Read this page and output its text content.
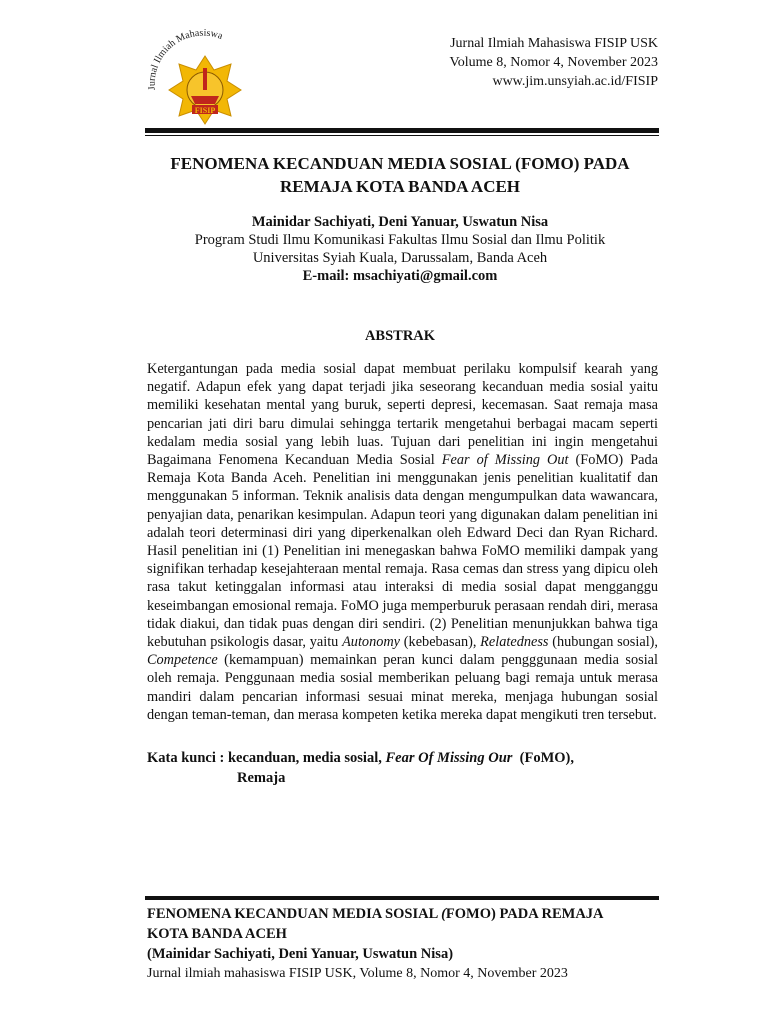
Jurnal Ilmiah Mahasiswa
FISIP
Jurnal Ilmiah Mahasiswa FISIP USK
Volume 8, Nomor 4, November 2023
www.jim.unsyiah.ac.id/FISIP
FENOMENA KECANDUAN MEDIA SOSIAL (FOMO) PADA
REMAJA KOTA BANDA ACEH
Mainidar Sachiyati, Deni Yanuar, Uswatun Nisa
Program Studi Ilmu Komunikasi Fakultas Ilmu Sosial dan Ilmu Politik
Universitas Syiah Kuala, Darussalam, Banda Aceh
E-mail: msachiyati@gmail.com
ABSTRAK
Ketergantungan pada media sosial dapat membuat perilaku kompulsif kearah yang negatif. Adapun efek yang dapat terjadi jika seseorang kecanduan media sosial yaitu memiliki kesehatan mental yang buruk, seperti depresi, kecemasan. Saat remaja masa pencarian jati diri baru dimulai sehingga tertarik mengetahui berbagai macam seperti kedalam media sosial yang lebih luas. Tujuan dari penelitian ini ingin mengetahui Bagaimana Fenomena Kecanduan Media Sosial Fear of Missing Out (FoMO) Pada Remaja Kota Banda Aceh. Penelitian ini menggunakan jenis penelitian kualitatif dan menggunakan 5 informan. Teknik analisis data dengan mengumpulkan data wawancara, penyajian data, penarikan kesimpulan. Adapun teori yang digunakan dalam penelitian ini adalah teori determinasi diri yang diperkenalkan oleh Edward Deci dan Ryan Richard. Hasil penelitian ini (1) Penelitian ini menegaskan bahwa FoMO memiliki dampak yang signifikan terhadap kesejahteraan mental remaja. Rasa cemas dan stress yang dipicu oleh rasa takut ketinggalan informasi atau interaksi di media sosial dapat mengganggu keseimbangan emosional remaja. FoMO juga memperburuk perasaan rendah diri, merasa tidak diakui, dan tidak puas dengan diri sendiri. (2) Penelitian menunjukkan bahwa tiga kebutuhan psikologis dasar, yaitu Autonomy (kebebasan), Relatedness (hubungan sosial), Competence (kemampuan) memainkan peran kunci dalam pengggunaan media sosial oleh remaja. Penggunaan media sosial memberikan peluang bagi remaja untuk merasa mandiri dalam pencarian informasi sesuai minat mereka, menjaga hubungan sosial dengan teman-teman, dan merasa kompeten ketika mereka dapat mengikuti tren tersebut.
Kata kunci : kecanduan, media sosial, Fear Of Missing Our  (FoMO),
Remaja
FENOMENA KECANDUAN MEDIA SOSIAL (FOMO) PADA REMAJA
KOTA BANDA ACEH
(Mainidar Sachiyati, Deni Yanuar, Uswatun Nisa)
Jurnal ilmiah mahasiswa FISIP USK, Volume 8, Nomor 4, November 2023
